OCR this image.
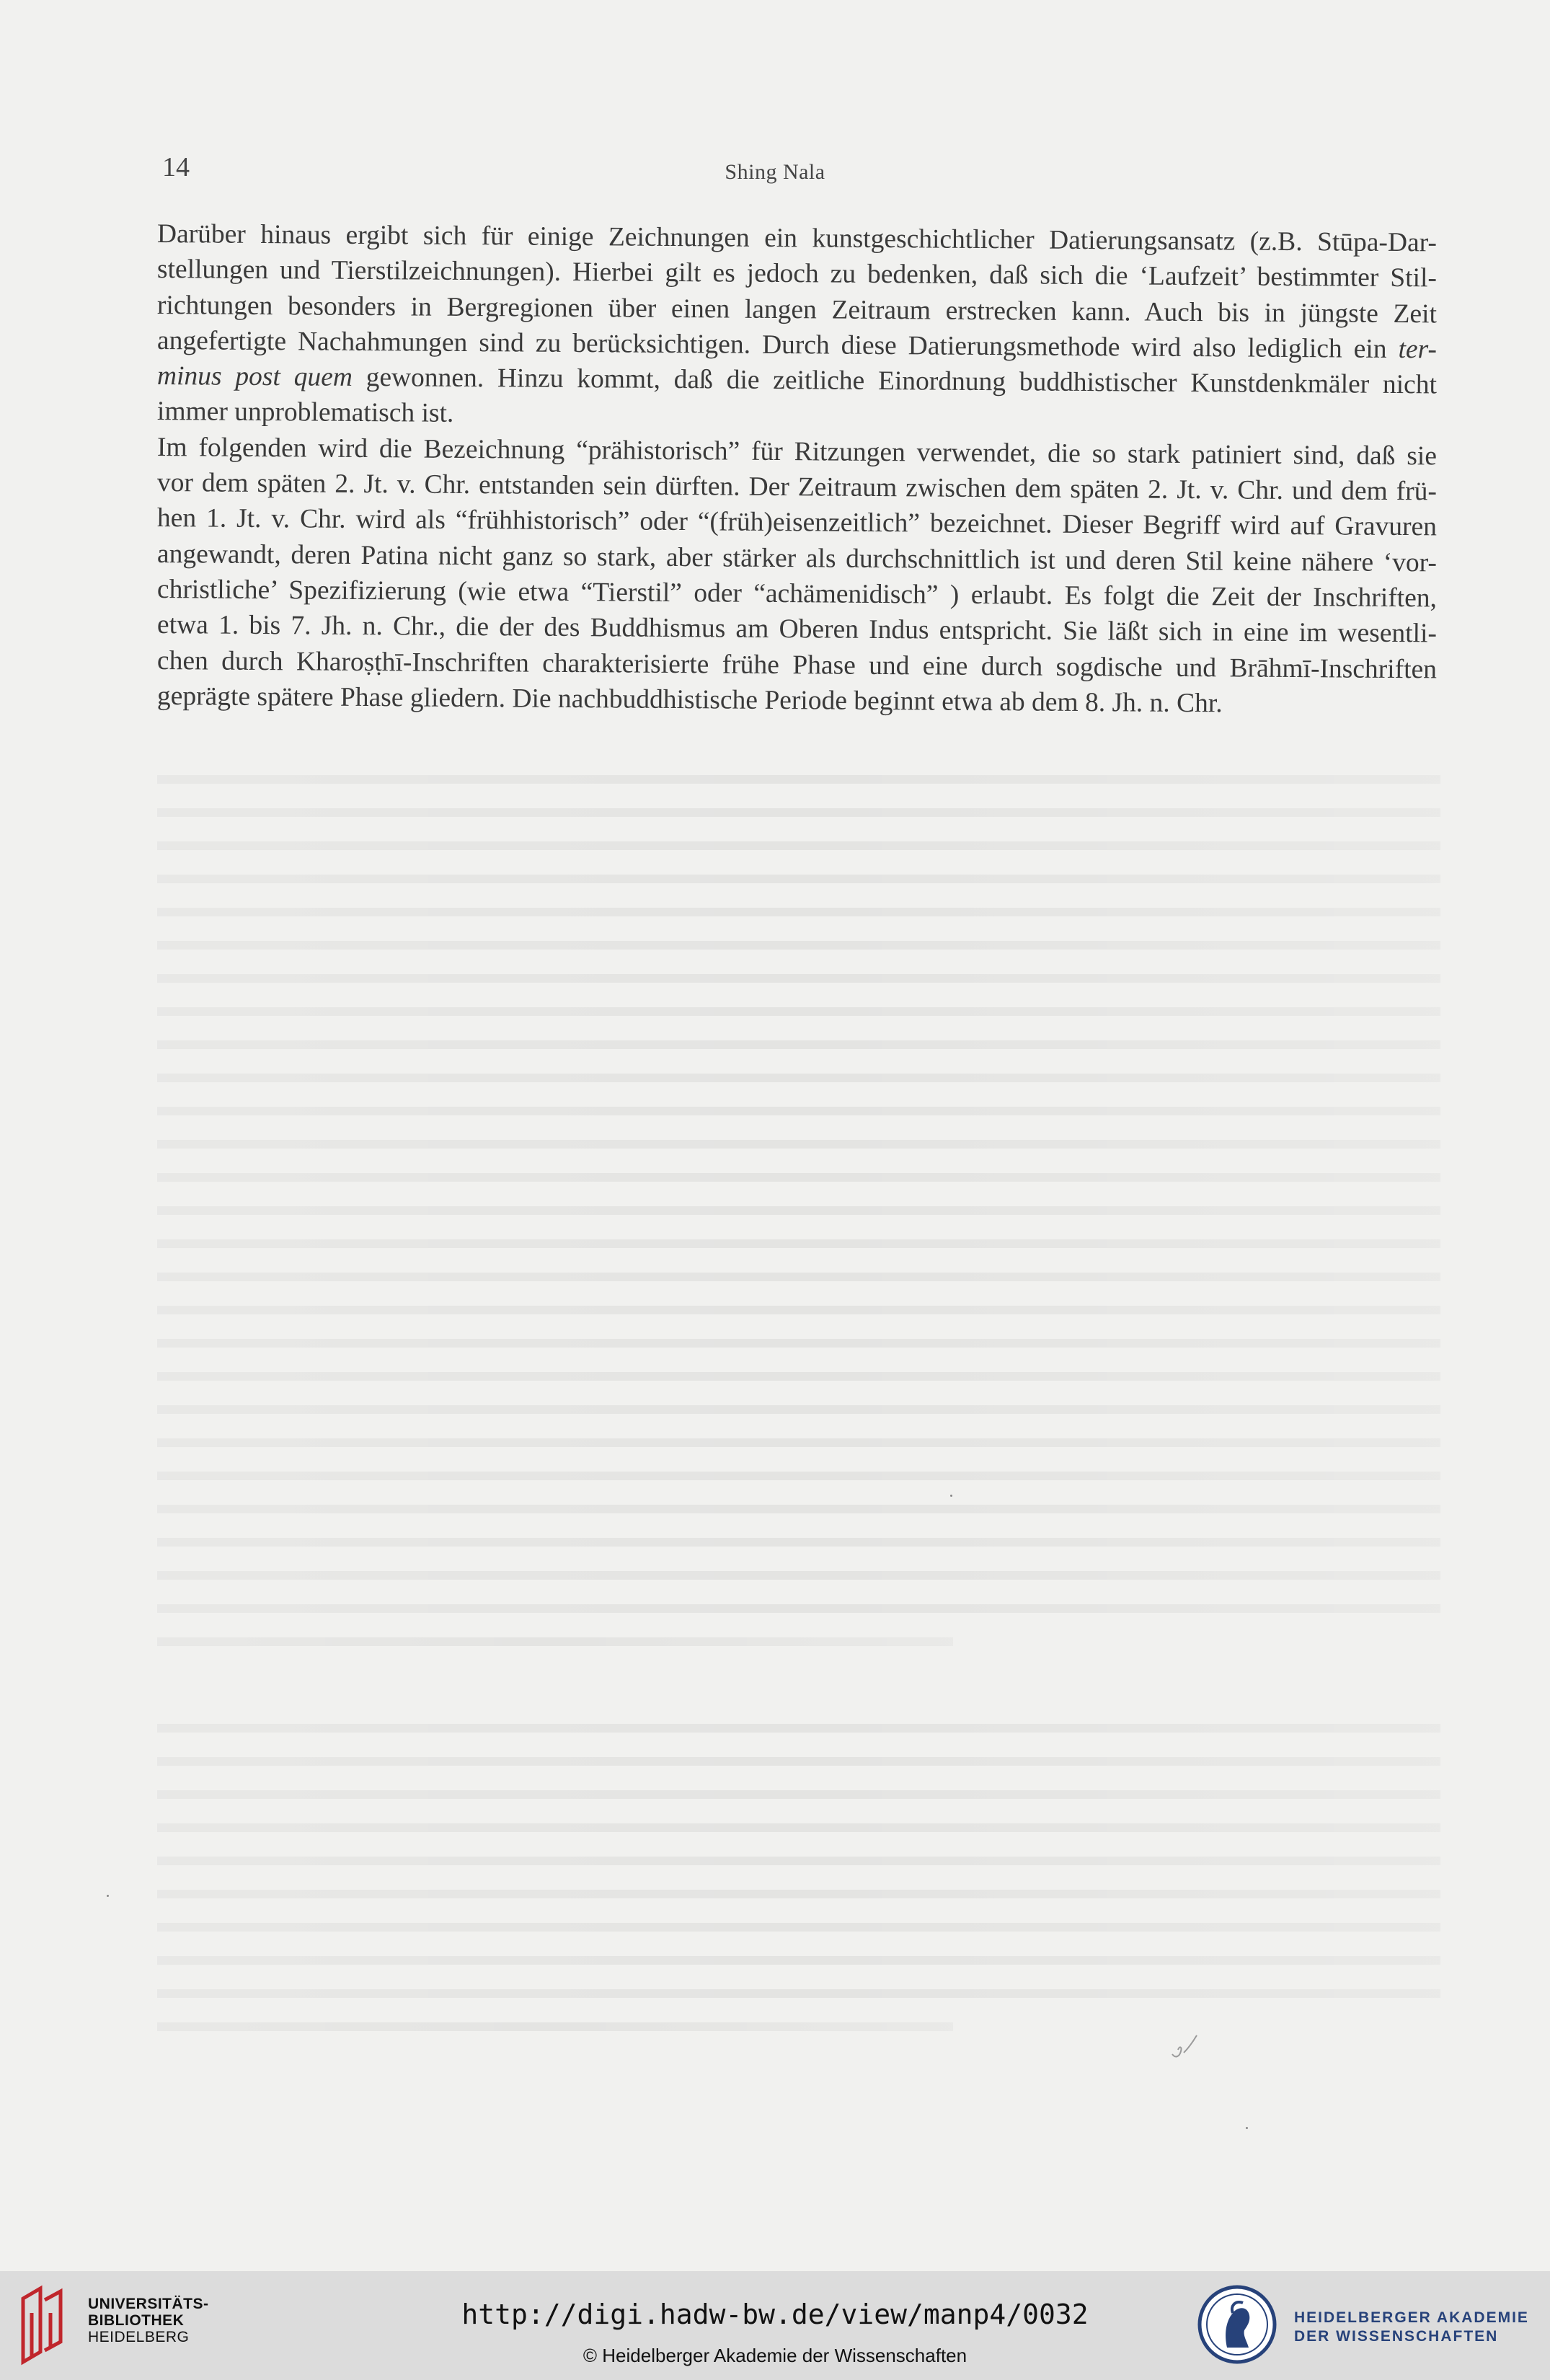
14	Shing Nala

Darüber hinaus ergibt sich für einige Zeichnungen ein kunstgeschichtlicher Datierungsansatz (z.B. Stūpa-Dar-
stellungen und Tierstilzeichnungen). Hierbei gilt es jedoch zu bedenken, daß sich die ‘Laufzeit’ bestimmter Stil-
richtungen besonders in Bergregionen über einen langen Zeitraum erstrecken kann. Auch bis in jüngste Zeit
angefertigte Nachahmungen sind zu berücksichtigen. Durch diese Datierungsmethode wird also lediglich ein ter-
minus post quem gewonnen. Hinzu kommt, daß die zeitliche Einordnung buddhistischer Kunstdenkmäler nicht
immer unproblematisch ist.

Im folgenden wird die Bezeichnung “prähistorisch” für Ritzungen verwendet, die so stark patiniert sind, daß sie
vor dem späten 2. Jt. v. Chr. entstanden sein dürften. Der Zeitraum zwischen dem späten 2. Jt. v. Chr. und dem frü-
hen 1. Jt. v. Chr. wird als “frühhistorisch” oder “(früh)eisenzeitlich” bezeichnet. Dieser Begriff wird auf Gravuren
angewandt, deren Patina nicht ganz so stark, aber stärker als durchschnittlich ist und deren Stil keine nähere ‘vor-
christliche’ Spezifizierung (wie etwa “Tierstil” oder “achämenidisch” ) erlaubt. Es folgt die Zeit der Inschriften,
etwa 1. bis 7. Jh. n. Chr., die der des Buddhismus am Oberen Indus entspricht. Sie läßt sich in eine im wesentli-
chen durch Kharoṣṭhī-Inschriften charakterisierte frühe Phase und eine durch sogdische und Brāhmī-Inschriften
geprägte spätere Phase gliedern. Die nachbuddhistische Periode beginnt etwa ab dem 8. Jh. n. Chr.

UNIVERSITÄTS-
BIBLIOTHEK
HEIDELBERG
http://digi.hadw-bw.de/view/manp4/0032
© Heidelberger Akademie der Wissenschaften
HEIDELBERGER AKADEMIE
DER WISSENSCHAFTEN
